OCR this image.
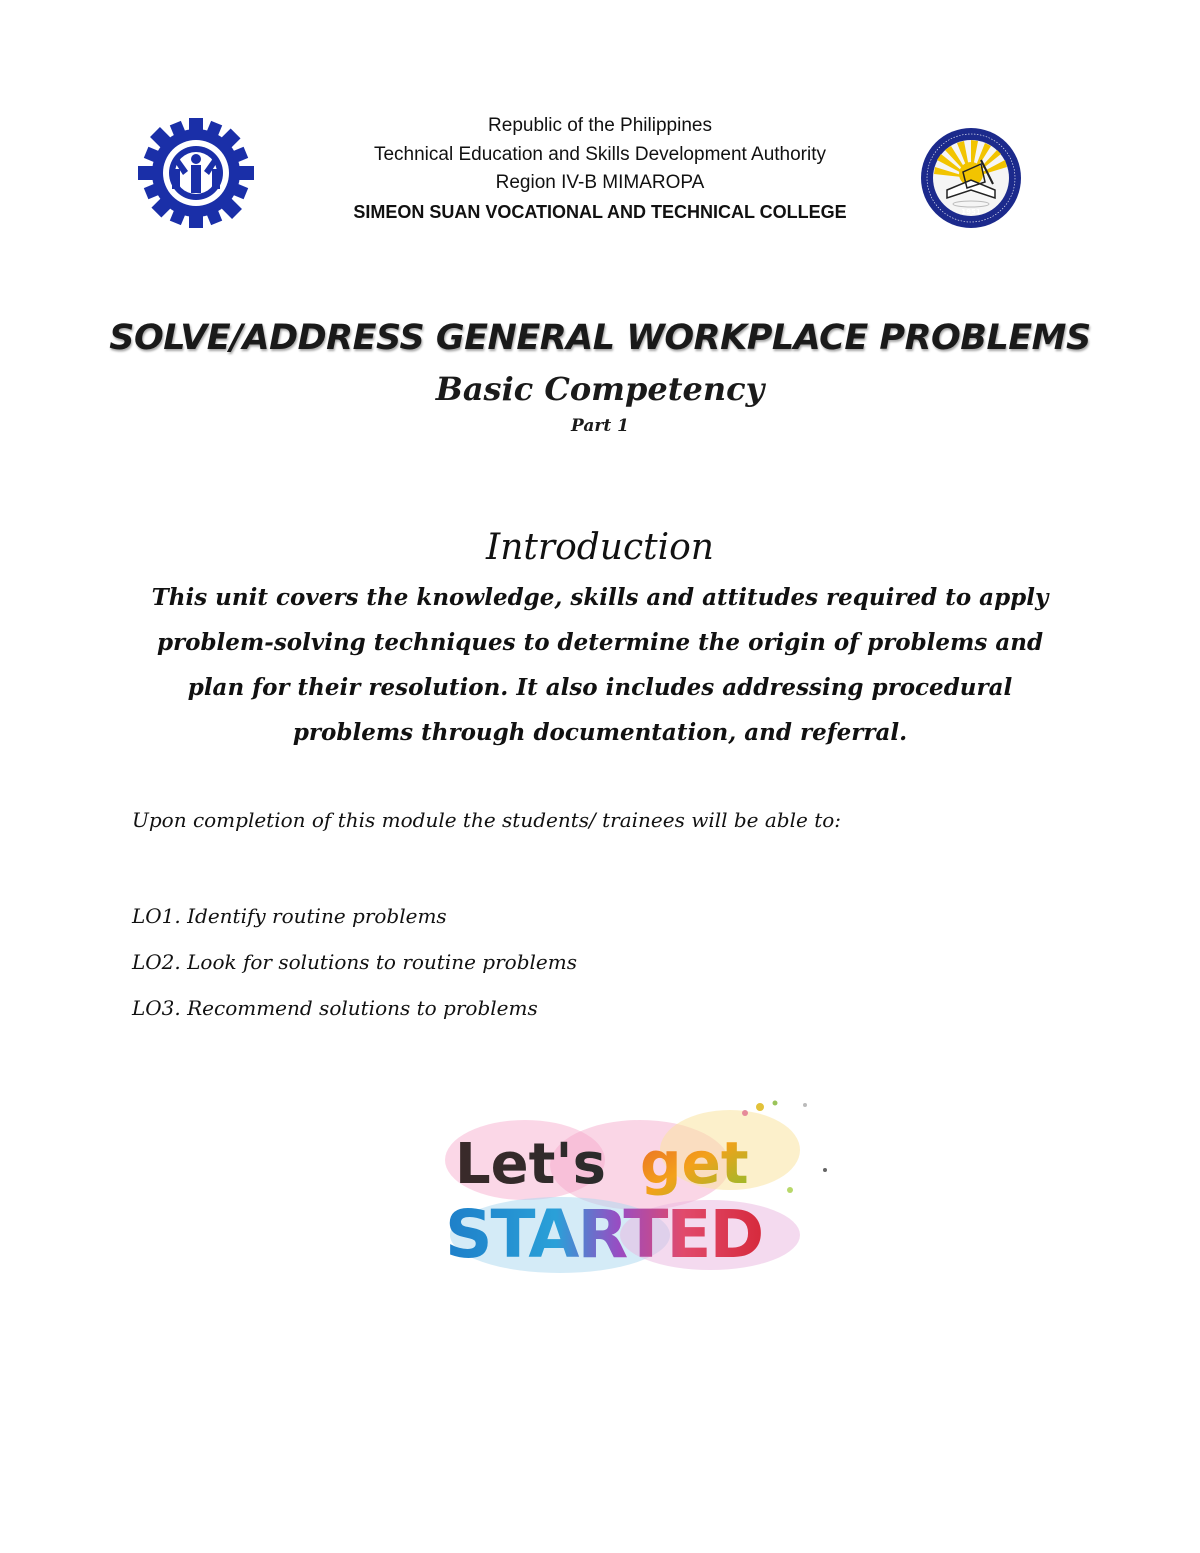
1951
Republic of the Philippines
Technical Education and Skills Development Authority
Region IV-B MIMAROPA
SIMEON SUAN VOCATIONAL AND TECHNICAL COLLEGE
SOLVE/ADDRESS GENERAL WORKPLACE PROBLEMS
Basic Competency
Part 1
Introduction
This unit covers the knowledge, skills and attitudes required to apply
problem-solving techniques to determine the origin of problems and
plan for their resolution. It also includes addressing procedural
problems through documentation, and referral.
Upon completion of this module the students/ trainees will be able to:
LO1. Identify routine problems
LO2. Look for solutions to routine problems
LO3. Recommend solutions to problems
Let's get
STARTED
